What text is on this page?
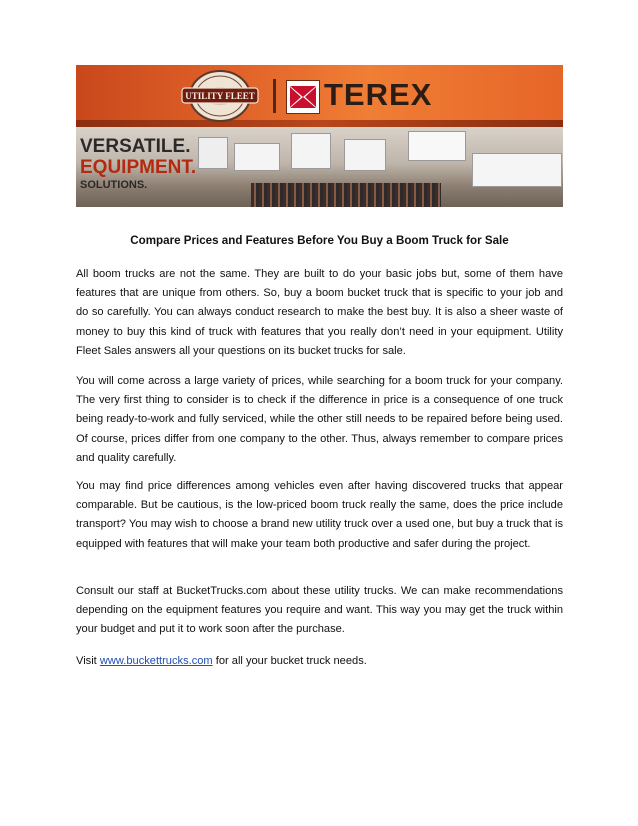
UTILITY FLEET TEREX
VERSATILE.
EQUIPMENT.
SOLUTIONS.
Compare Prices and Features Before You Buy a Boom Truck for Sale

All boom trucks are not the same. They are built to do your basic jobs but, some of them have features that are unique from others. So, buy a boom bucket truck that is specific to your job and do so carefully. You can always conduct research to make the best buy. It is also a sheer waste of money to buy this kind of truck with features that you really don’t need in your equipment. Utility Fleet Sales answers all your questions on its bucket trucks for sale.

You will come across a large variety of prices, while searching for a boom truck for your company. The very first thing to consider is to check if the difference in price is a consequence of one truck being ready-to-work and fully serviced, while the other still needs to be repaired before being used. Of course, prices differ from one company to the other. Thus, always remember to compare prices and quality carefully.

You may find price differences among vehicles even after having discovered trucks that appear comparable. But be cautious, is the low-priced boom truck really the same, does the price include transport? You may wish to choose a brand new utility truck over a used one, but buy a truck that is equipped with features that will make your team both productive and safer during the project.

Consult our staff at BucketTrucks.com about these utility trucks. We can make recommendations depending on the equipment features you require and want. This way you may get the truck within your budget and put it to work soon after the purchase.

Visit www.buckettrucks.com for all your bucket truck needs.
